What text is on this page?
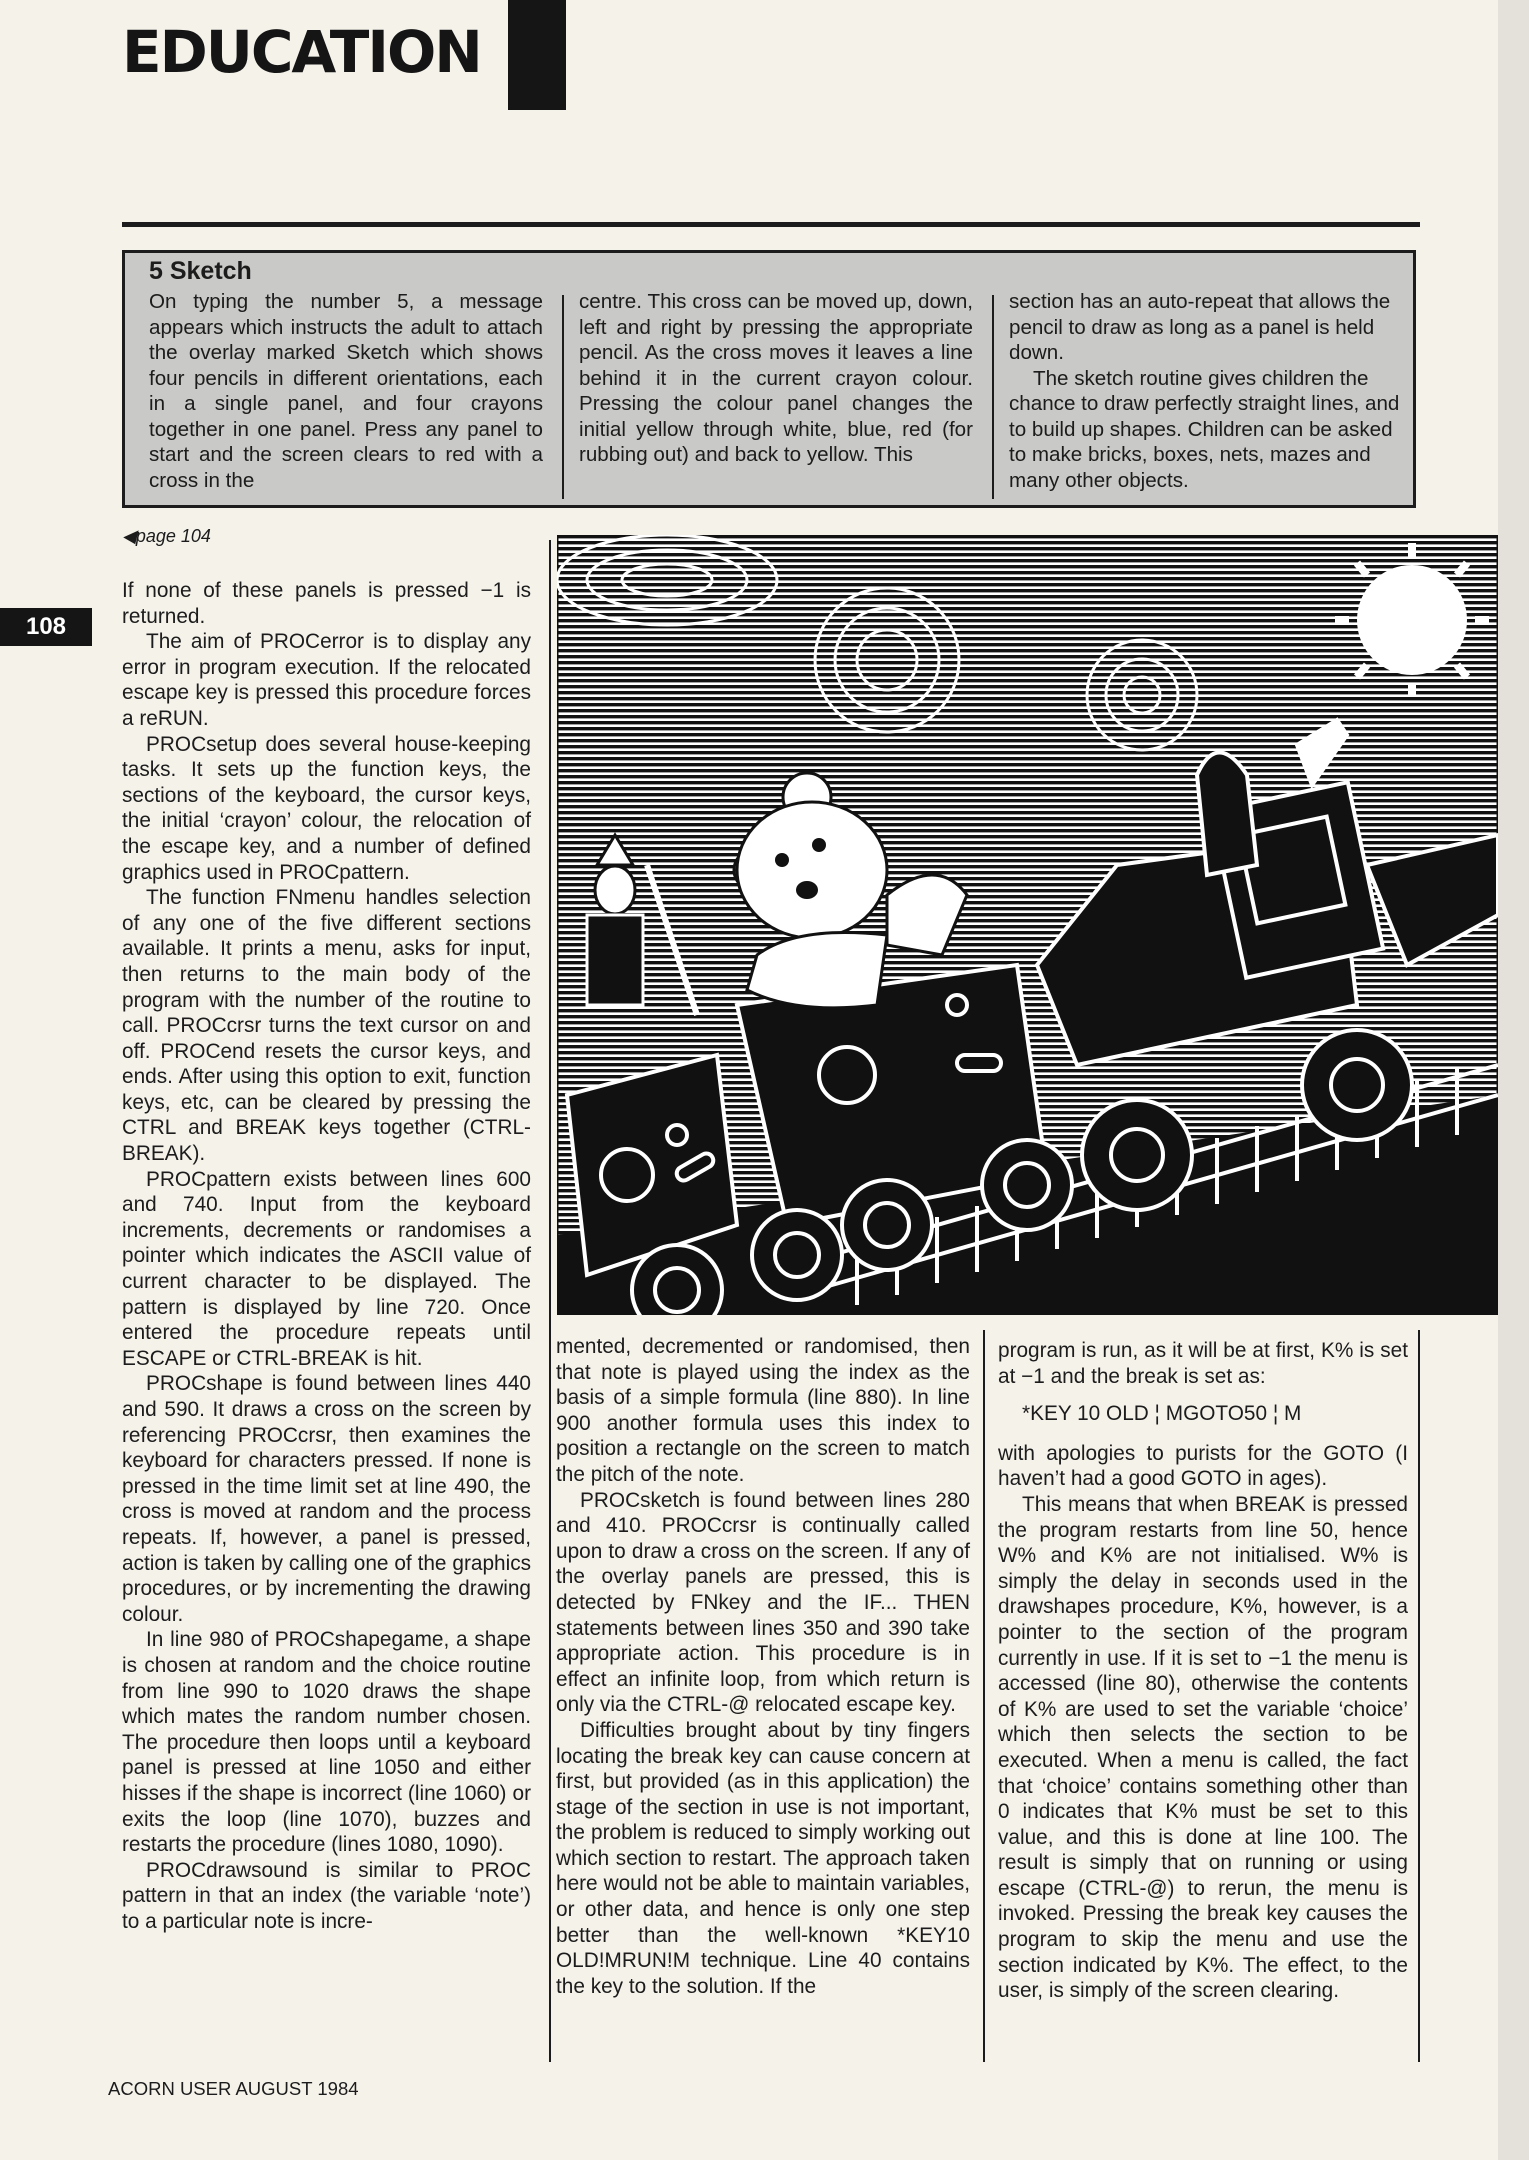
EDUCATION
5 Sketch

On typing the number 5, a message appears which instructs the adult to attach the overlay marked Sketch which shows four pencils in different orientations, each in a single panel, and four crayons together in one panel. Press any panel to start and the screen clears to red with a cross in the

centre. This cross can be moved up, down, left and right by pressing the appropriate pencil. As the cross moves it leaves a line behind it in the current crayon colour. Pressing the colour panel changes the initial yellow through white, blue, red (for rubbing out) and back to yellow. This

section has an auto-repeat that allows the pencil to draw as long as a panel is held down.
The sketch routine gives children the chance to draw perfectly straight lines, and to build up shapes. Children can be asked to make bricks, boxes, nets, mazes and many other objects.
◀page 104
108

If none of these panels is pressed −1 is returned.

The aim of PROCerror is to display any error in program execution. If the relocated escape key is pressed this procedure forces a reRUN.

PROCsetup does several house-keeping tasks. It sets up the function keys, the sections of the keyboard, the cursor keys, the initial ‘crayon’ colour, the relocation of the escape key, and a number of defined graphics used in PROCpattern.

The function FNmenu handles selection of any one of the five different sections available. It prints a menu, asks for input, then returns to the main body of the program with the number of the routine to call. PROCcrsr turns the text cursor on and off. PROCend resets the cursor keys, and ends. After using this option to exit, function keys, etc, can be cleared by pressing the CTRL and BREAK keys together (CTRL-BREAK).

PROCpattern exists between lines 600 and 740. Input from the keyboard increments, decrements or randomises a pointer which indicates the ASCII value of current character to be displayed. The pattern is displayed by line 720. Once entered the procedure repeats until ESCAPE or CTRL-BREAK is hit.

PROCshape is found between lines 440 and 590. It draws a cross on the screen by referencing PROCcrsr, then examines the keyboard for characters pressed. If none is pressed in the time limit set at line 490, the cross is moved at random and the process repeats. If, however, a panel is pressed, action is taken by calling one of the graphics procedures, or by incrementing the drawing colour.

In line 980 of PROCshapegame, a shape is chosen at random and the choice routine from line 990 to 1020 draws the shape which mates the random number chosen. The procedure then loops until a keyboard panel is pressed at line 1050 and either hisses if the shape is incorrect (line 1060) or exits the loop (line 1070), buzzes and restarts the procedure (lines 1080, 1090).

PROCdrawsound is similar to PROC pattern in that an index (the variable ‘note’) to a particular note is incre-

mented, decremented or randomised, then that note is played using the index as the basis of a simple formula (line 880). In line 900 another formula uses this index to position a rectangle on the screen to match the pitch of the note.

PROCsketch is found between lines 280 and 410. PROCcrsr is continually called upon to draw a cross on the screen. If any of the overlay panels are pressed, this is detected by FNkey and the IF... THEN statements between lines 350 and 390 take appropriate action. This procedure is in effect an infinite loop, from which return is only via the CTRL-@ relocated escape key.

Difficulties brought about by tiny fingers locating the break key can cause concern at first, but provided (as in this application) the stage of the section in use is not important, the problem is reduced to simply working out which section to restart. The approach taken here would not be able to maintain variables, or other data, and hence is only one step better than the well-known *KEY10 OLD!MRUN!M technique. Line 40 contains the key to the solution. If the

program is run, as it will be at first, K% is set at −1 and the break is set as:

*KEY 10 OLD ¦ MGOTO50 ¦ M

with apologies to purists for the GOTO (I haven’t had a good GOTO in ages).

This means that when BREAK is pressed the program restarts from line 50, hence W% and K% are not initialised. W% is simply the delay in seconds used in the drawshapes procedure, K%, however, is a pointer to the section of the program currently in use. If it is set to −1 the menu is accessed (line 80), otherwise the contents of K% are used to set the variable ‘choice’ which then selects the section to be executed. When a menu is called, the fact that ‘choice’ contains something other than 0 indicates that K% must be set to this value, and this is done at line 100. The result is simply that on running or using escape (CTRL-@) to rerun, the menu is invoked. Pressing the break key causes the program to skip the menu and use the section indicated by K%. The effect, to the user, is simply of the screen clearing.

ACORN USER AUGUST 1984
